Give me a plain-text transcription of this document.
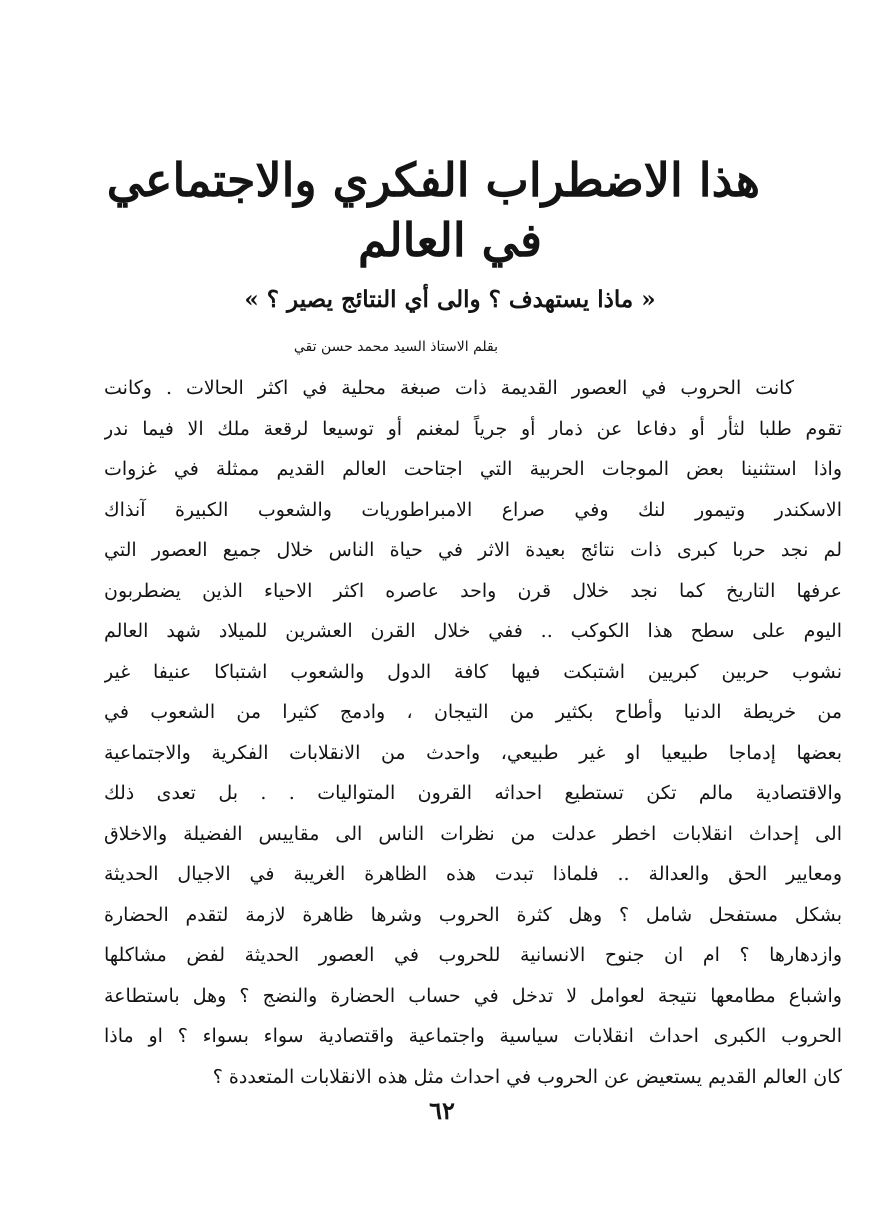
هذا الاضطراب الفكري والاجتماعي
في العالم
« ماذا يستهدف ؟ والى أي النتائج يصير ؟ »
بقلم الاستاذ السيد محمد حسن تقي
كانت الحروب في العصور القديمة ذات صبغة محلية في اكثر الحالات . وكانت
تقوم طلبا لثأر أو دفاعا عن ذمار أو جرياً لمغنم أو توسيعا لرقعة ملك الا فيما ندر
واذا استثنينا بعض الموجات الحربية التي اجتاحت العالم القديم ممثلة في غزوات
الاسكندر وتيمور لنك وفي صراع الامبراطوريات والشعوب الكبيرة آنذاك
لم نجد حربا كبرى ذات نتائج بعيدة الاثر في حياة الناس خلال جميع العصور التي
عرفها التاريخ كما نجد خلال قرن واحد عاصره اكثر الاحياء الذين يضطربون
اليوم على سطح هذا الكوكب .. ففي خلال القرن العشرين للميلاد شهد العالم
نشوب حربين كبريين اشتبكت فيها كافة الدول والشعوب اشتباكا عنيفا غير
من خريطة الدنيا وأطاح بكثير من التيجان ، وادمج كثيرا من الشعوب في
بعضها إدماجا طبيعيا او غير طبيعي، واحدث من الانقلابات الفكرية والاجتماعية
والاقتصادية مالم تكن تستطيع احداثه القرون المتواليات . . بل تعدى ذلك
الى إحداث انقلابات اخطر عدلت من نظرات الناس الى مقاييس الفضيلة والاخلاق
ومعايير الحق والعدالة .. فلماذا تبدت هذه الظاهرة الغريبة في الاجيال الحديثة
بشكل مستفحل شامل ؟ وهل كثرة الحروب وشرها ظاهرة لازمة لتقدم الحضارة
وازدهارها ؟ ام ان جنوح الانسانية للحروب في العصور الحديثة لفض مشاكلها
واشباع مطامعها نتيجة لعوامل لا تدخل في حساب الحضارة والنضج ؟ وهل باستطاعة
الحروب الكبرى احداث انقلابات سياسية واجتماعية واقتصادية سواء بسواء ؟ او ماذا
كان العالم القديم يستعيض عن الحروب في احداث مثل هذه الانقلابات المتعددة ؟
٦٢
